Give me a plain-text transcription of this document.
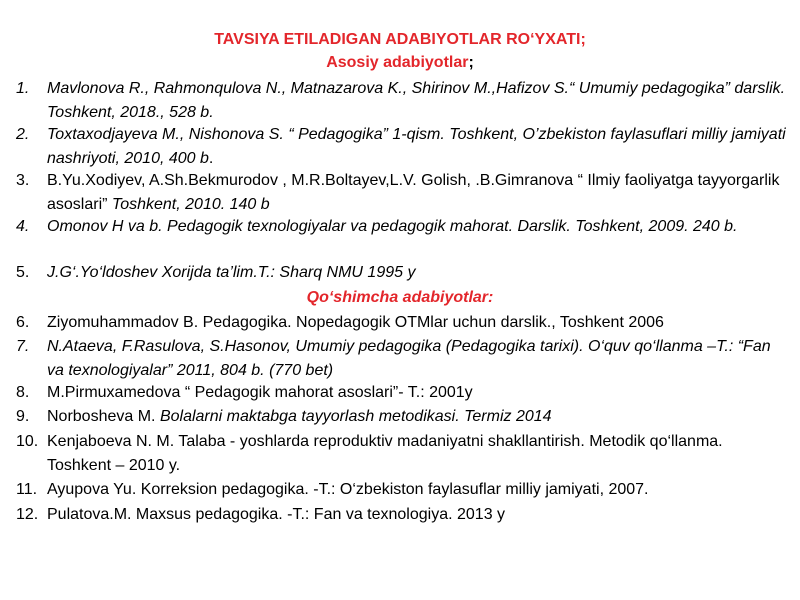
TAVSIYA ETILADIGAN ADABIYOTLAR RO‘YXATI;
Asosiy adabiyotlar;
1.	Mavlonova R., Rahmonqulova N., Matnazarova K., Shirinov M.,Hafizov S.“ Umumiy pedagogika” darslik. Toshkent, 2018., 528 b.
2.	Toxtaxodjayeva M., Nishonova S. “ Pedagogika” 1-qism. Toshkent, O’zbekiston faylasuflari milliy jamiyati nashriyoti, 2010, 400 b.
3.	B.Yu.Xodiyev, A.Sh.Bekmurodov , M.R.Boltayev,L.V. Golish, .B.Gimranova “ Ilmiy faoliyatga tayyorgarlik asoslari” Toshkent, 2010. 140 b
4.	Omonov H va b. Pedagogik texnologiyalar va pedagogik mahorat. Darslik. Toshkent, 2009. 240 b.
5.	J.G‘.Yo‘ldoshev Xorijda ta’lim.T.: Sharq NMU 1995 y
Qo‘shimcha adabiyotlar:
6.	Ziyomuhammadov B. Pedagogika. Nopedagogik OTMlar uchun darslik., Toshkent 2006
7.	N.Ataeva, F.Rasulova, S.Hasonov, Umumiy pedagogika (Pedagogika tarixi). O‘quv qo‘llanma –T.: “Fan va texnologiyalar” 2011, 804 b. (770 bet)
8.	M.Pirmuxamedova “ Pedagogik mahorat asoslari”- T.: 2001y
9.	Norbosheva M. Bolalarni maktabga tayyorlash metodikasi. Termiz 2014
10. Kenjaboeva N. M. Talaba - yoshlarda reproduktiv madaniyatni shakllantirish. Metodik qo‘llanma. Toshkent – 2010 y.
11. Ayupova Yu. Korreksion pedagogika. -T.: O‘zbekiston faylasuflar milliy jamiyati, 2007.
12. Pulatova.M. Maxsus pedagogika. -T.: Fan va texnologiya. 2013 y
